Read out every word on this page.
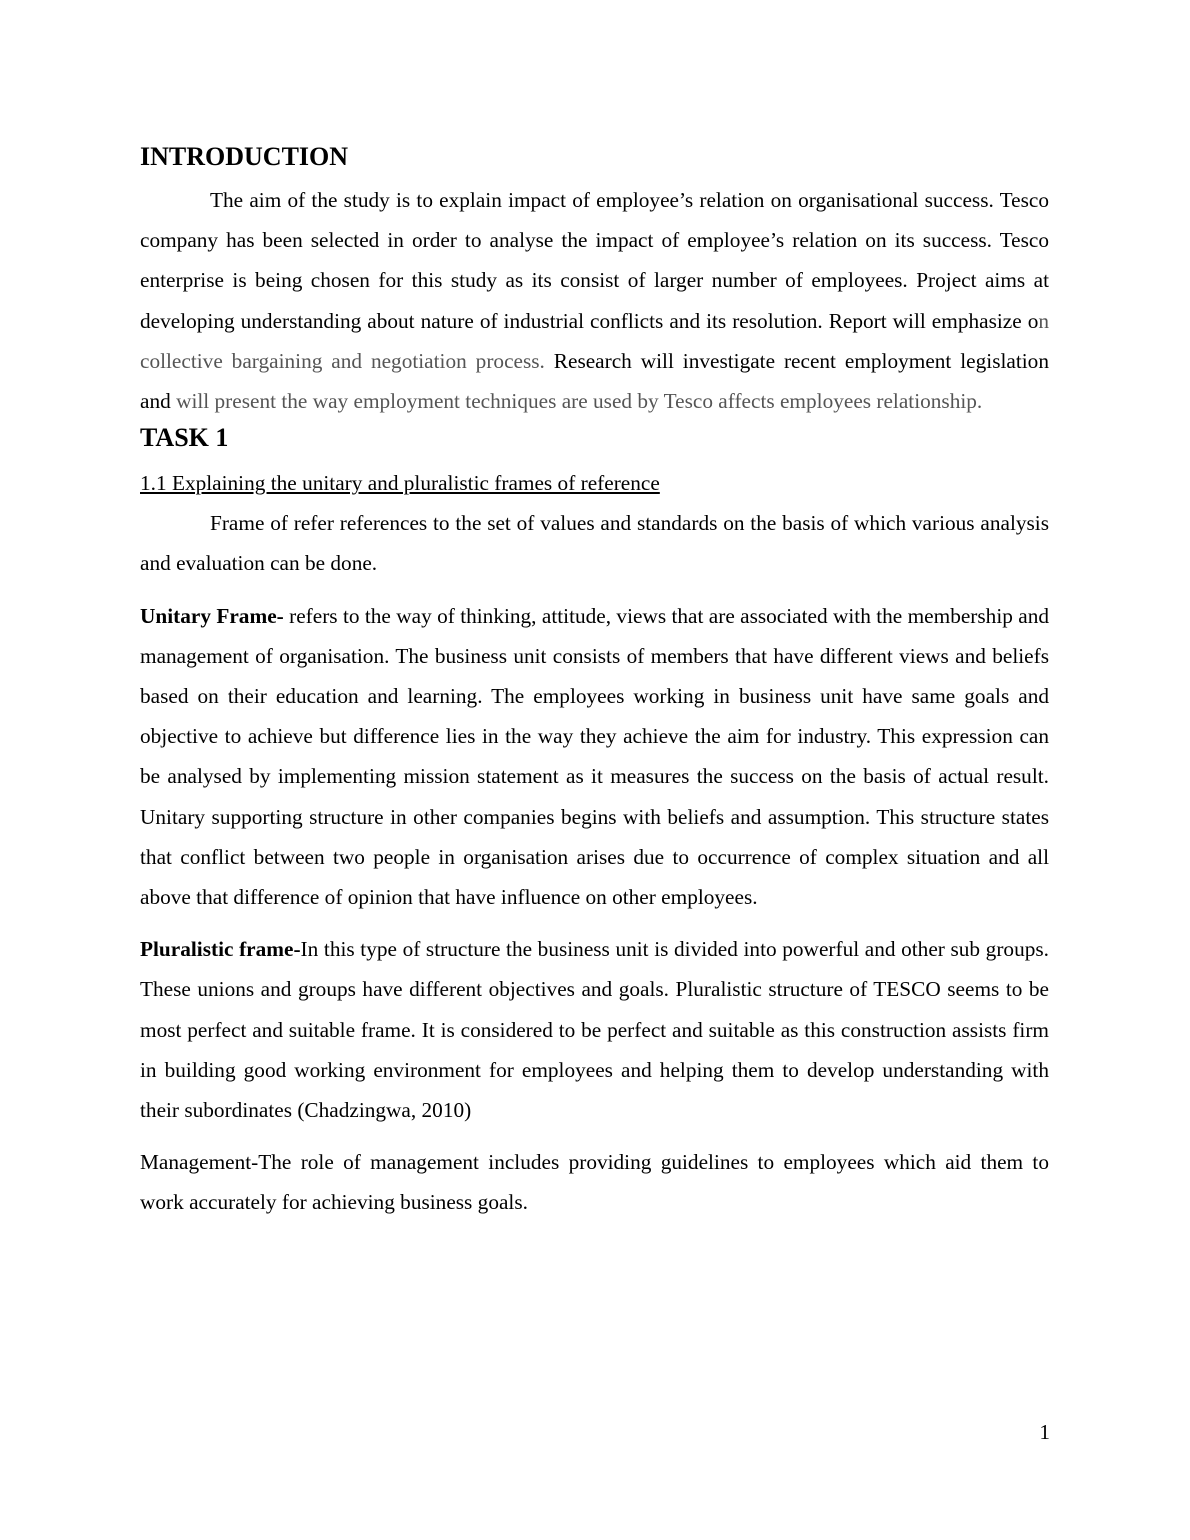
INTRODUCTION

The aim of the study is to explain impact of employee’s relation on organisational success. Tesco company has been selected in order to analyse the impact of employee’s relation on its success. Tesco enterprise is being chosen for this study as its consist of larger number of employees. Project aims at developing understanding about nature of industrial conflicts and its resolution. Report will emphasize on collective bargaining and negotiation process. Research will investigate recent employment legislation and will present the way employment techniques are used by Tesco affects employees relationship.

TASK 1
1.1 Explaining the unitary and pluralistic frames of reference

Frame of refer references to the set of values and standards on the basis of which various analysis and evaluation can be done.

Unitary Frame- refers to the way of thinking, attitude, views that are associated with the membership and management of organisation. The business unit consists of members that have different views and beliefs based on their education and learning. The employees working in business unit have same goals and objective to achieve but difference lies in the way they achieve the aim for industry. This expression can be analysed by implementing mission statement as it measures the success on the basis of actual result. Unitary supporting structure in other companies begins with beliefs and assumption. This structure states that conflict between two people in organisation arises due to occurrence of complex situation and all above that difference of opinion that have influence on other employees.

Pluralistic frame-In this type of structure the business unit is divided into powerful and other sub groups. These unions and groups have different objectives and goals. Pluralistic structure of TESCO seems to be most perfect and suitable frame. It is considered to be perfect and suitable as this construction assists firm in building good working environment for employees and helping them to develop understanding with their subordinates (Chadzingwa, 2010)

Management-The role of management includes providing guidelines to employees which aid them to work accurately for achieving business goals.

1
